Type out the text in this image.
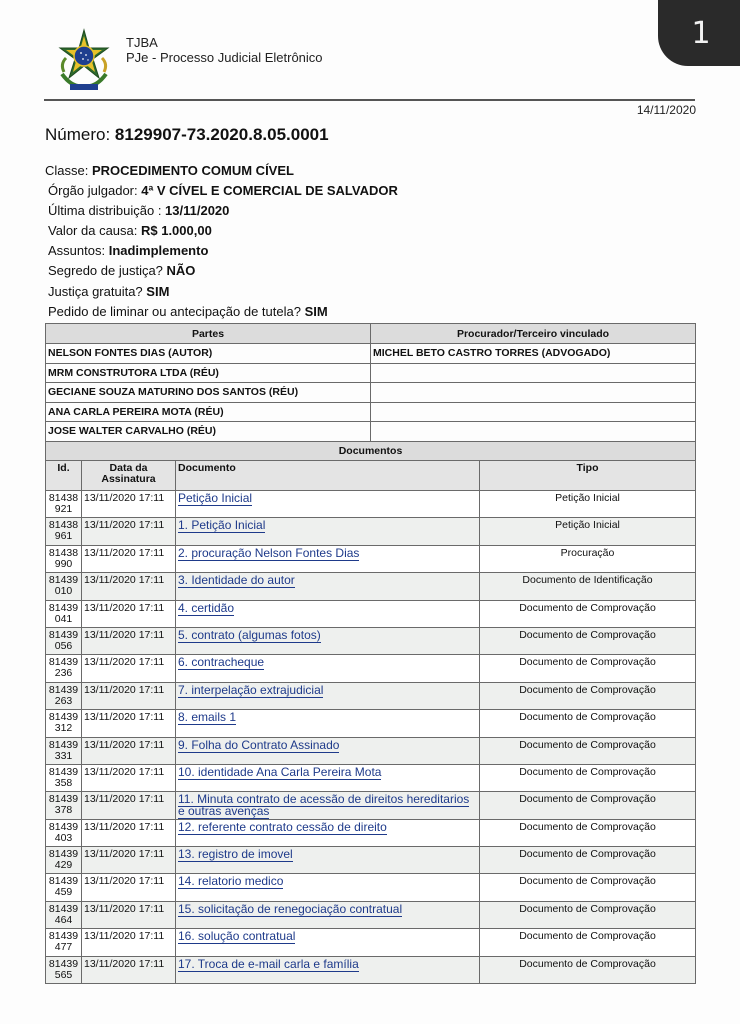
1
TJBA
PJe - Processo Judicial Eletrônico
14/11/2020
Número: 8129907-73.2020.8.05.0001
Classe: PROCEDIMENTO COMUM CÍVEL
Órgão julgador: 4ª V CÍVEL E COMERCIAL DE SALVADOR
Última distribuição : 13/11/2020
Valor da causa: R$ 1.000,00
Assuntos: Inadimplemento
Segredo de justiça? NÃO
Justiça gratuita? SIM
Pedido de liminar ou antecipação de tutela? SIM
Partes	Procurador/Terceiro vinculado
NELSON FONTES DIAS (AUTOR)	MICHEL BETO CASTRO TORRES (ADVOGADO)
MRM CONSTRUTORA LTDA (RÉU)	
GECIANE SOUZA MATURINO DOS SANTOS (RÉU)	
ANA CARLA PEREIRA MOTA (RÉU)	
JOSE WALTER CARVALHO (RÉU)	
Documentos			
Id.	Data da Assinatura	Documento	Tipo

81438
921	13/11/2020 17:11	Petição Inicial	Petição Inicial

81438
961	13/11/2020 17:11	1. Petição Inicial	Petição Inicial

81438
990	13/11/2020 17:11	2. procuração Nelson Fontes Dias	Procuração

81439
010	13/11/2020 17:11	3. Identidade do autor	Documento de Identificação

81439
041	13/11/2020 17:11	4. certidão	Documento de Comprovação

81439
056	13/11/2020 17:11	5. contrato (algumas fotos)	Documento de Comprovação

81439
236	13/11/2020 17:11	6. contracheque	Documento de Comprovação

81439
263	13/11/2020 17:11	7. interpelação extrajudicial	Documento de Comprovação

81439
312	13/11/2020 17:11	8. emails 1	Documento de Comprovação

81439
331	13/11/2020 17:11	9. Folha do Contrato Assinado	Documento de Comprovação

81439
358	13/11/2020 17:11	10. identidade Ana Carla Pereira Mota	Documento de Comprovação

81439
378	13/11/2020 17:11	11. Minuta contrato de acessão de direitos hereditarios e outras avenças	Documento de Comprovação

81439
403	13/11/2020 17:11	12. referente contrato cessão de direito	Documento de Comprovação

81439
429	13/11/2020 17:11	13. registro de imovel	Documento de Comprovação

81439
459	13/11/2020 17:11	14. relatorio medico	Documento de Comprovação

81439
464	13/11/2020 17:11	15. solicitação de renegociação contratual	Documento de Comprovação

81439
477	13/11/2020 17:11	16. solução contratual	Documento de Comprovação

81439
565	13/11/2020 17:11	17. Troca de e-mail carla e família	Documento de Comprovação
